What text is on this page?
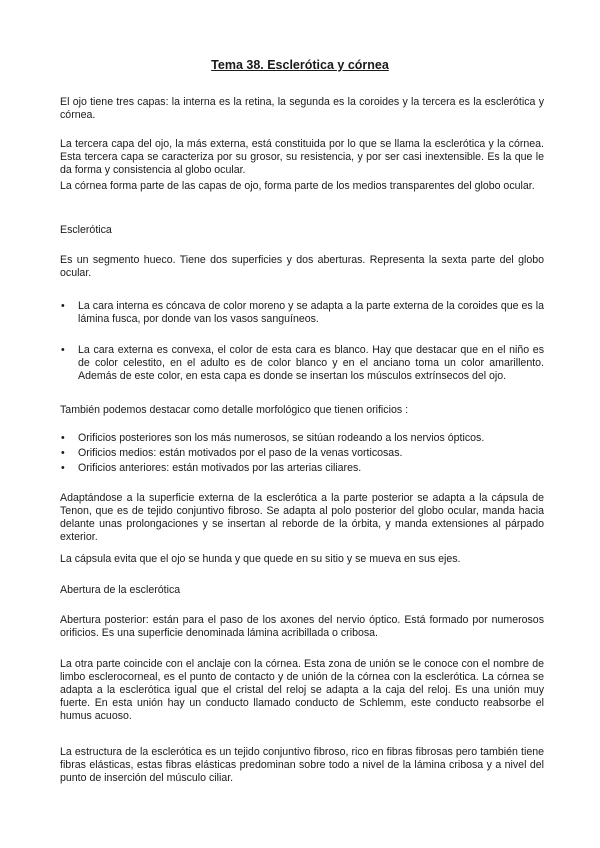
Tema 38. Esclerótica y córnea

El ojo tiene tres capas: la interna es la retina, la segunda es la coroides y la tercera es la esclerótica y córnea.

La tercera capa del ojo, la más externa, está constituida por lo que se llama la esclerótica y la córnea. Esta tercera capa se caracteriza por su grosor, su resistencia, y por ser casi inextensible. Es la que le da forma y consistencia al globo ocular.

La córnea forma parte de las capas de ojo, forma parte de los medios transparentes del globo ocular.

Esclerótica

Es un segmento hueco. Tiene dos superficies y dos aberturas. Representa la sexta parte del globo ocular.

• La cara interna es cóncava de color moreno y se adapta a la parte externa de la coroides que es la lámina fusca, por donde van los vasos sanguíneos.
• La cara externa es convexa, el color de esta cara es blanco. Hay que destacar que en el niño es de color celestito, en el adulto es de color blanco y en el anciano toma un color amarillento. Además de este color, en esta capa es donde se insertan los músculos extrínsecos del ojo.

También podemos destacar como detalle morfológico que tienen orificios :

• Orificios posteriores son los más numerosos, se sitúan rodeando a los nervios ópticos.
• Orificios medios: están motivados por el paso de la venas vorticosas.
• Orificios anteriores: están motivados por las arterias ciliares.

Adaptándose a la superficie externa de la esclerótica a la parte posterior se adapta a la cápsula de Tenon, que es de tejido conjuntivo fibroso. Se adapta al polo posterior del globo ocular, manda hacia delante unas prolongaciones y se insertan al reborde de la órbita, y manda extensiones al párpado exterior.

La cápsula evita que el ojo se hunda y que quede en su sitio y se mueva en sus ejes.

Abertura de la esclerótica

Abertura posterior: están para el paso de los axones del nervio óptico. Está formado por numerosos orificios. Es una superficie denominada lámina acribillada o cribosa.

La otra parte coincide con el anclaje con la córnea. Esta zona de unión se le conoce con el nombre de limbo esclerocorneal, es el punto de contacto y de unión de la córnea con la esclerótica. La córnea se adapta a la esclerótica igual que el cristal del reloj se adapta a la caja del reloj. Es una unión muy fuerte. En esta unión hay un conducto llamado conducto de Schlemm, este conducto reabsorbe el humus acuoso.

La estructura de la esclerótica es un tejido conjuntivo fibroso, rico en fibras fibrosas pero también tiene fibras elásticas, estas fibras elásticas predominan sobre todo a nivel de la lámina cribosa y a nivel del punto de inserción del músculo ciliar.
